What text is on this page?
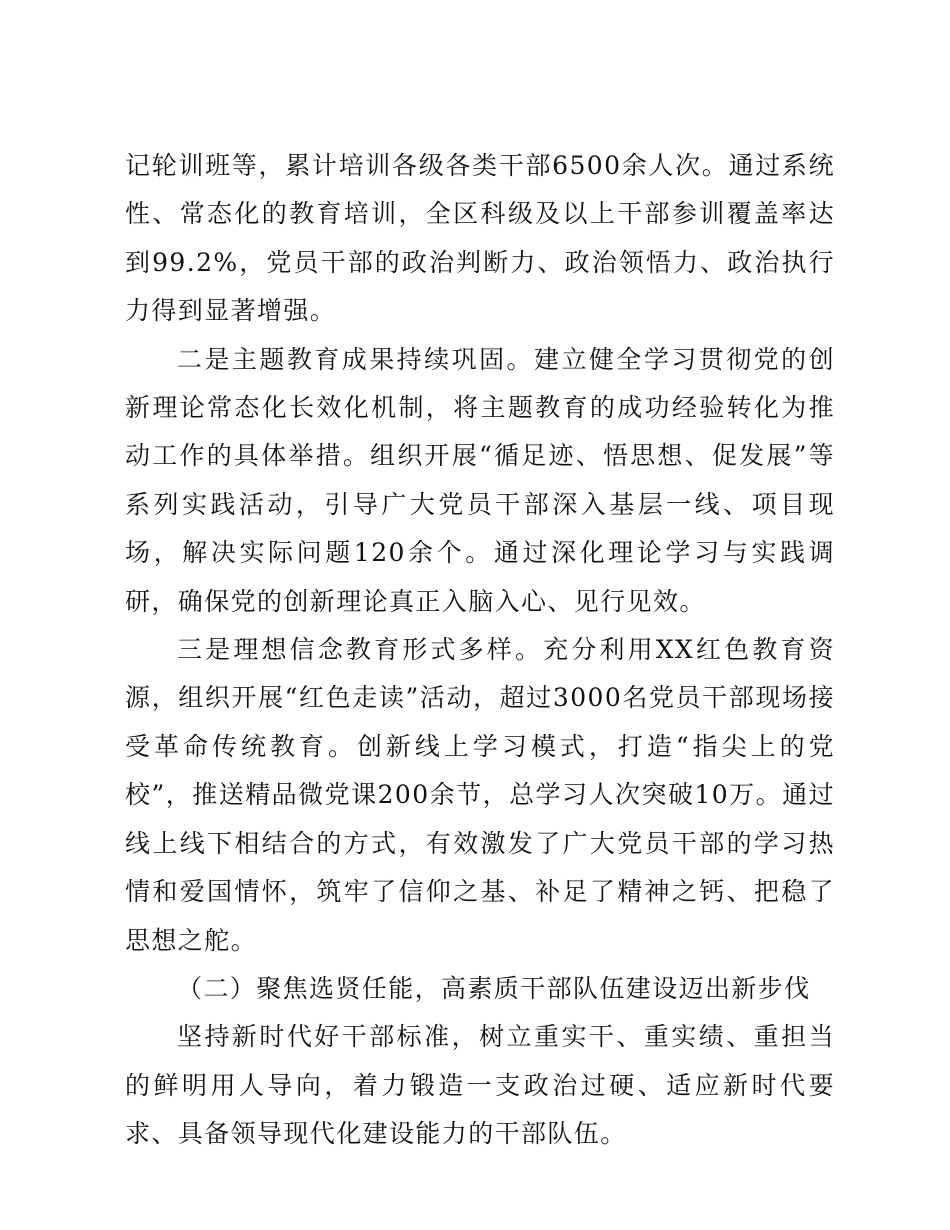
记轮训班等，累计培训各级各类干部6500余人次。通过系统性、常态化的教育培训，全区科级及以上干部参训覆盖率达到99.2%，党员干部的政治判断力、政治领悟力、政治执行力得到显著增强。

二是主题教育成果持续巩固。建立健全学习贯彻党的创新理论常态化长效化机制，将主题教育的成功经验转化为推动工作的具体举措。组织开展“循足迹、悟思想、促发展”等系列实践活动，引导广大党员干部深入基层一线、项目现场，解决实际问题120余个。通过深化理论学习与实践调研，确保党的创新理论真正入脑入心、见行见效。

三是理想信念教育形式多样。充分利用XX红色教育资源，组织开展“红色走读”活动，超过3000名党员干部现场接受革命传统教育。创新线上学习模式，打造“指尖上的党校”，推送精品微党课200余节，总学习人次突破10万。通过线上线下相结合的方式，有效激发了广大党员干部的学习热情和爱国情怀，筑牢了信仰之基、补足了精神之钙、把稳了思想之舵。

（二）聚焦选贤任能，高素质干部队伍建设迈出新步伐

坚持新时代好干部标准，树立重实干、重实绩、重担当的鲜明用人导向，着力锻造一支政治过硬、适应新时代要求、具备领导现代化建设能力的干部队伍。
